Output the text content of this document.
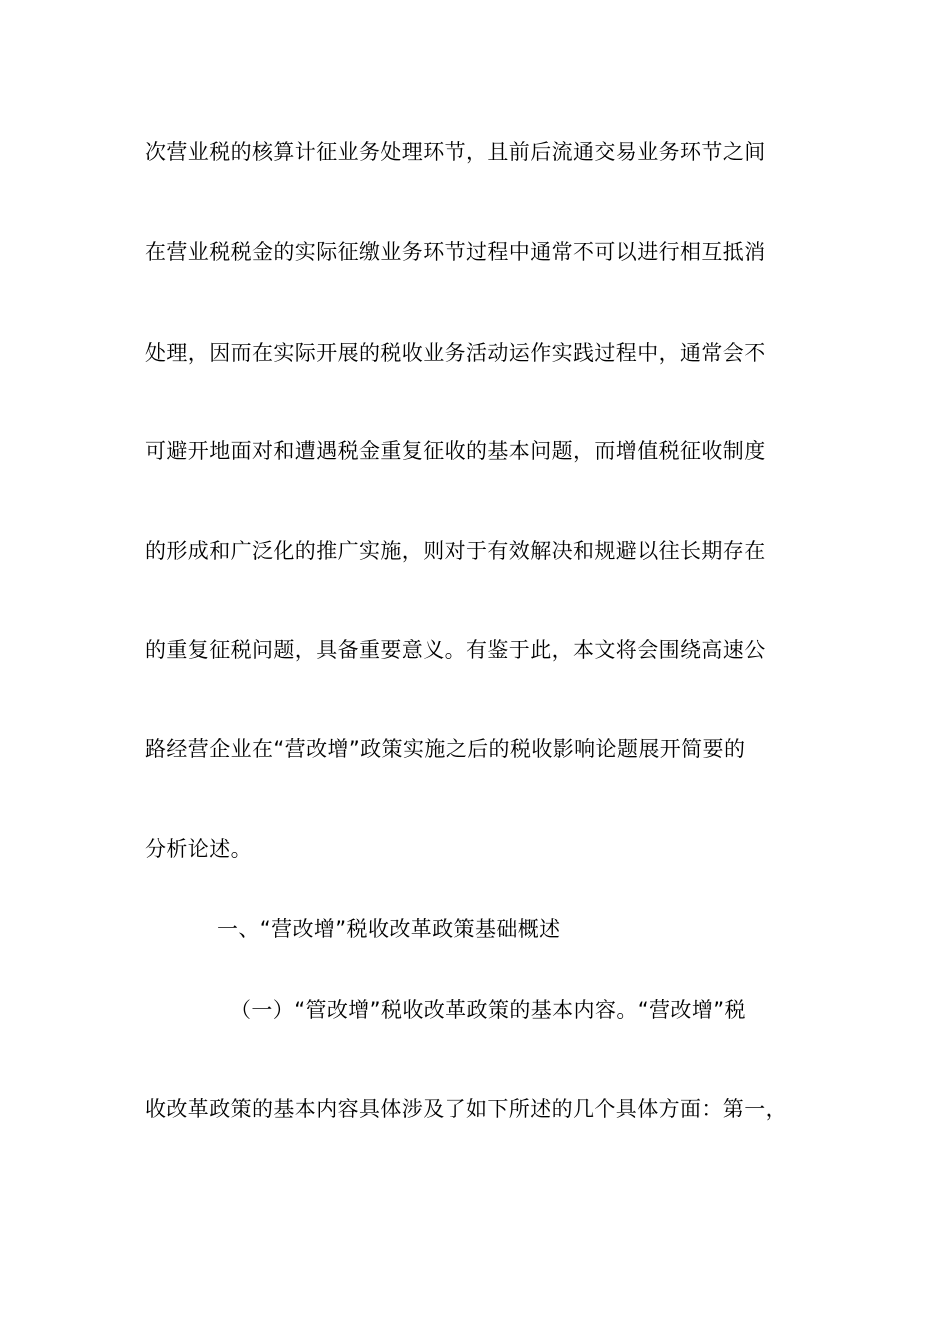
次营业税的核算计征业务处理环节，且前后流通交易业务环节之间
在营业税税金的实际征缴业务环节过程中通常不可以进行相互抵消
处理，因而在实际开展的税收业务活动运作实践过程中，通常会不
可避开地面对和遭遇税金重复征收的基本问题，而增值税征收制度
的形成和广泛化的推广实施，则对于有效解决和规避以往长期存在
的重复征税问题，具备重要意义。有鉴于此，本文将会围绕高速公
路经营企业在“营改增”政策实施之后的税收影响论题展开简要的
分析论述。
一、“营改增”税收改革政策基础概述
（一）“管改增”税收改革政策的基本内容。“营改增”税
收改革政策的基本内容具体涉及了如下所述的几个具体方面：第一，
